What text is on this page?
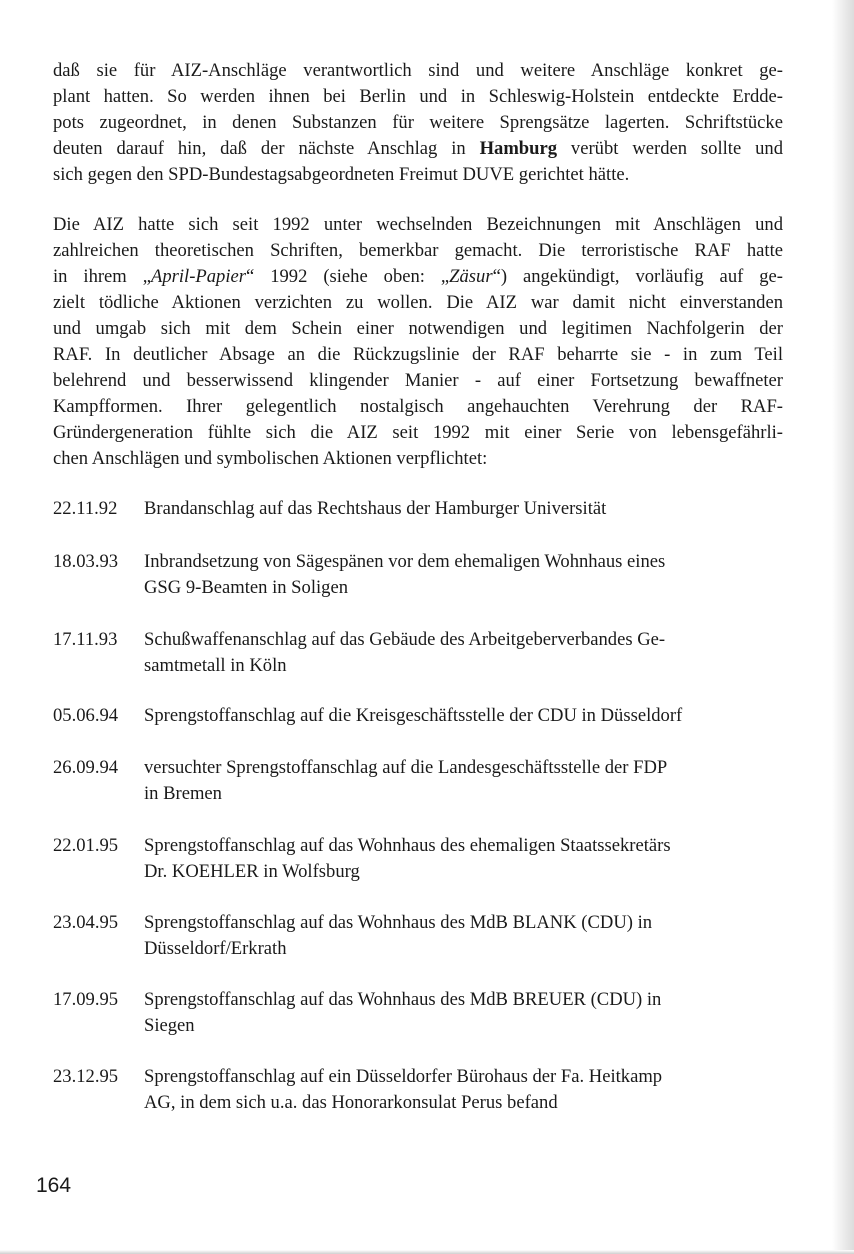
daß sie für AIZ-Anschläge verantwortlich sind und weitere Anschläge konkret ge-
plant hatten. So werden ihnen bei Berlin und in Schleswig-Holstein entdeckte Erdde-
pots zugeordnet, in denen Substanzen für weitere Sprengsätze lagerten. Schriftstücke
deuten darauf hin, daß der nächste Anschlag in Hamburg verübt werden sollte und
sich gegen den SPD-Bundestagsabgeordneten Freimut DUVE gerichtet hätte.
Die AIZ hatte sich seit 1992 unter wechselnden Bezeichnungen mit Anschlägen und
zahlreichen theoretischen Schriften, bemerkbar gemacht. Die terroristische RAF hatte
in ihrem „April-Papier“ 1992 (siehe oben: „Zäsur“) angekündigt, vorläufig auf ge-
zielt tödliche Aktionen verzichten zu wollen. Die AIZ war damit nicht einverstanden
und umgab sich mit dem Schein einer notwendigen und legitimen Nachfolgerin der
RAF. In deutlicher Absage an die Rückzugslinie der RAF beharrte sie - in zum Teil
belehrend und besserwissend klingender Manier - auf einer Fortsetzung bewaffneter
Kampfformen. Ihrer gelegentlich nostalgisch angehauchten Verehrung der RAF-
Gründergeneration fühlte sich die AIZ seit 1992 mit einer Serie von lebensgefährli-
chen Anschlägen und symbolischen Aktionen verpflichtet:
22.11.92	Brandanschlag auf das Rechtshaus der Hamburger Universität
18.03.93	Inbrandsetzung von Sägespänen vor dem ehemaligen Wohnhaus eines
GSG 9-Beamten in Soligen
17.11.93	Schußwaffenanschlag auf das Gebäude des Arbeitgeberverbandes Ge-
samtmetall in Köln
05.06.94	Sprengstoffanschlag auf die Kreisgeschäftsstelle der CDU in Düsseldorf
26.09.94	versuchter Sprengstoffanschlag auf die Landesgeschäftsstelle der FDP
in Bremen
22.01.95	Sprengstoffanschlag auf das Wohnhaus des ehemaligen Staatssekretärs
Dr. KOEHLER in Wolfsburg
23.04.95	Sprengstoffanschlag auf das Wohnhaus des MdB BLANK (CDU) in
Düsseldorf/Erkrath
17.09.95	Sprengstoffanschlag auf das Wohnhaus des MdB BREUER (CDU) in
Siegen
23.12.95	Sprengstoffanschlag auf ein Düsseldorfer Bürohaus der Fa. Heitkamp
AG, in dem sich u.a. das Honorarkonsulat Perus befand
164
